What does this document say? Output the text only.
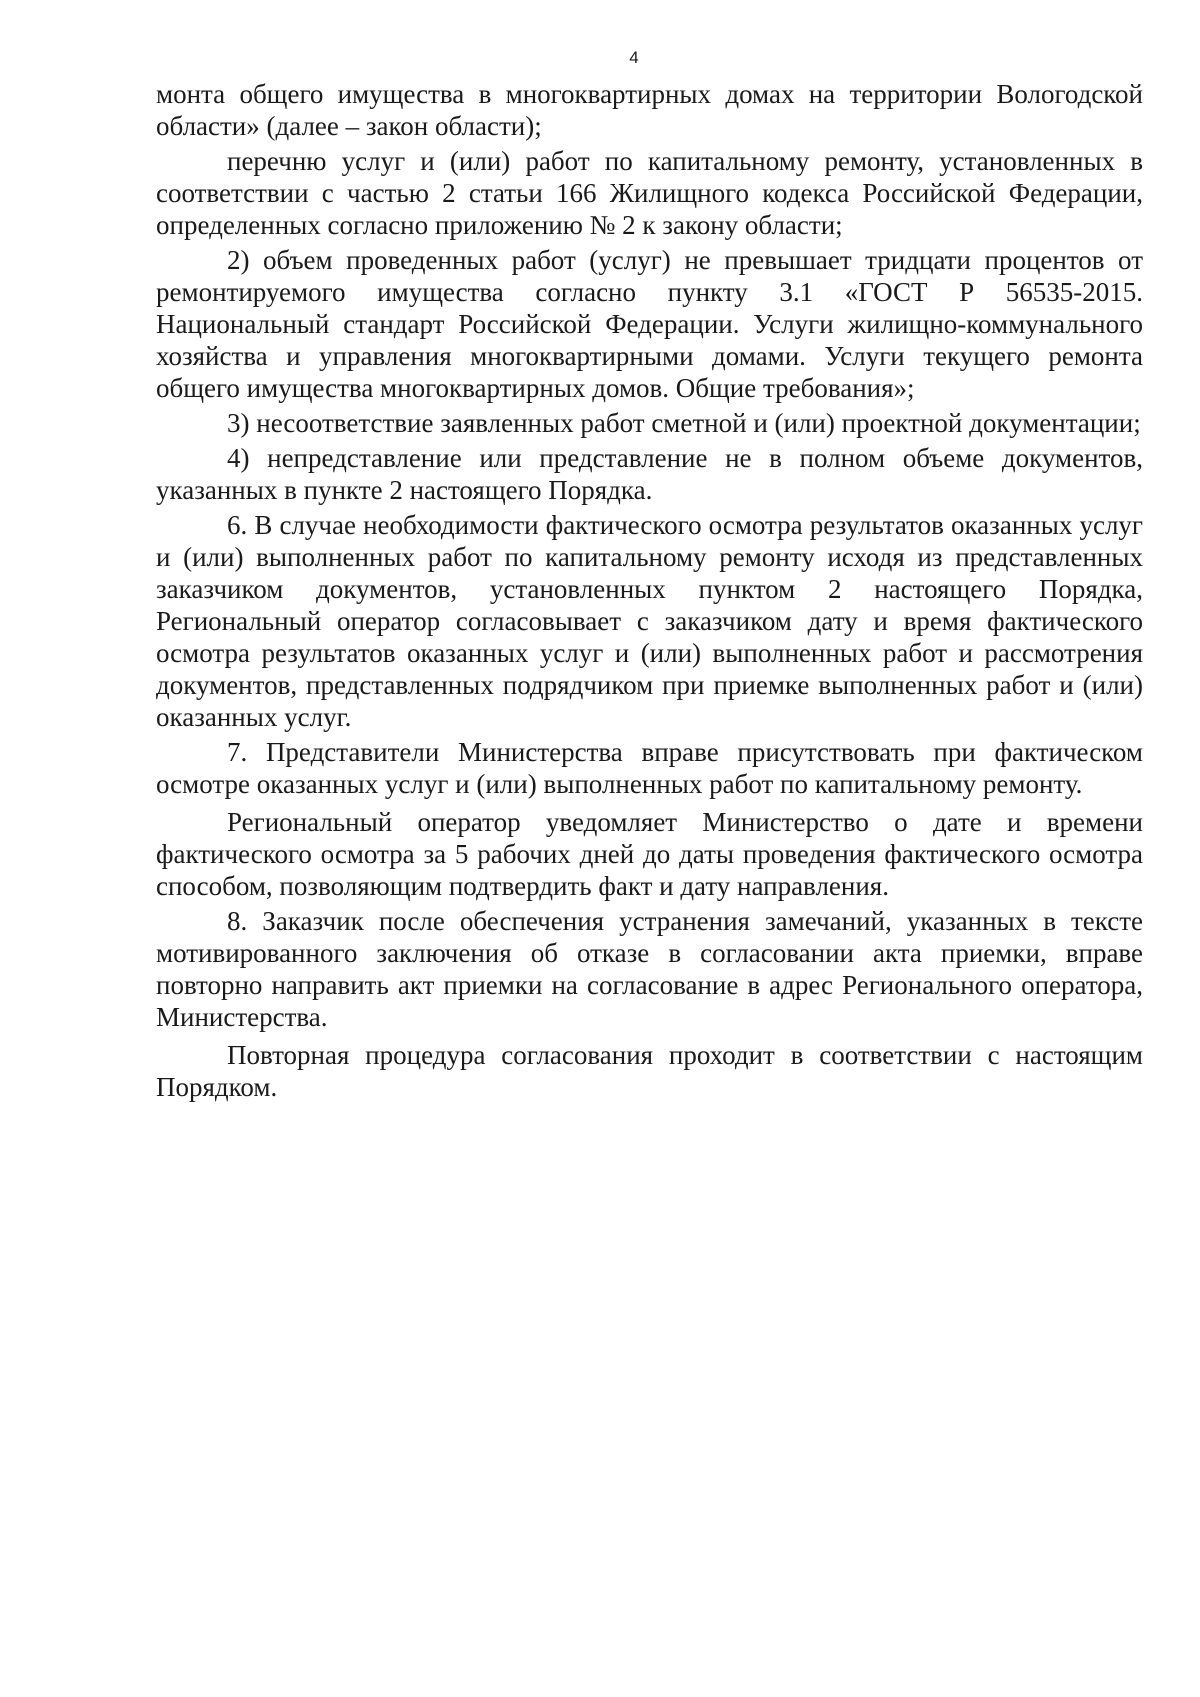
4

монта общего имущества в многоквартирных домах на территории Вологодской области» (далее – закон области);

перечню услуг и (или) работ по капитальному ремонту, установленных в соответствии с частью 2 статьи 166 Жилищного кодекса Российской Федерации, определенных согласно приложению № 2 к закону области;

2) объем проведенных работ (услуг) не превышает тридцати процентов от ремонтируемого имущества согласно пункту 3.1 «ГОСТ Р 56535-2015. Национальный стандарт Российской Федерации. Услуги жилищно-коммунального хозяйства и управления многоквартирными домами. Услуги текущего ремонта общего имущества многоквартирных домов. Общие требования»;

3) несоответствие заявленных работ сметной и (или) проектной документации;

4) непредставление или представление не в полном объеме документов, указанных в пункте 2 настоящего Порядка.

6. В случае необходимости фактического осмотра результатов оказанных услуг и (или) выполненных работ по капитальному ремонту исходя из представленных заказчиком документов, установленных пунктом 2 настоящего Порядка, Региональный оператор согласовывает с заказчиком дату и время фактического осмотра результатов оказанных услуг и (или) выполненных работ и рассмотрения документов, представленных подрядчиком при приемке выполненных работ и (или) оказанных услуг.

7. Представители Министерства вправе присутствовать при фактическом осмотре оказанных услуг и (или) выполненных работ по капитальному ремонту.

Региональный оператор уведомляет Министерство о дате и времени фактического осмотра за 5 рабочих дней до даты проведения фактического осмотра способом, позволяющим подтвердить факт и дату направления.

8. Заказчик после обеспечения устранения замечаний, указанных в тексте мотивированного заключения об отказе в согласовании акта приемки, вправе повторно направить акт приемки на согласование в адрес Регионального оператора, Министерства.

Повторная процедура согласования проходит в соответствии с настоящим Порядком.
